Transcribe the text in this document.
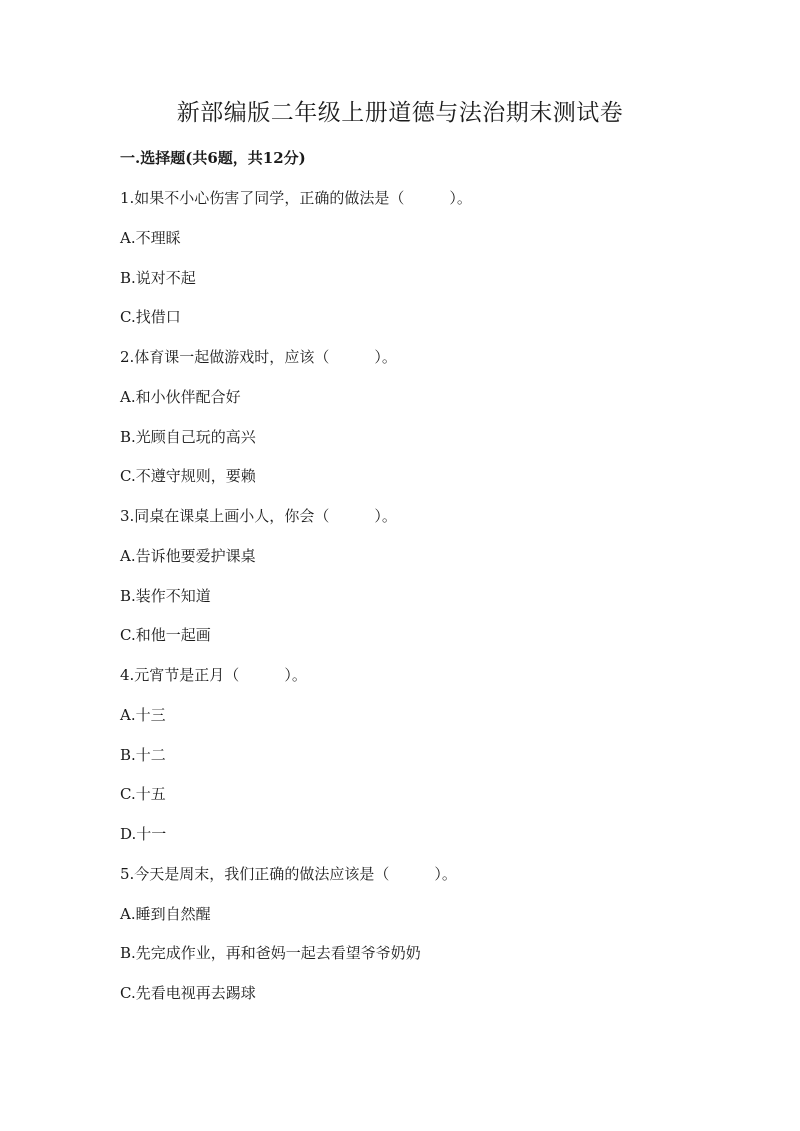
新部编版二年级上册道德与法治期末测试卷
一.选择题(共6题，共12分)
1.如果不小心伤害了同学，正确的做法是（　　　）。
A.不理睬
B.说对不起
C.找借口
2.体育课一起做游戏时，应该（　　　）。
A.和小伙伴配合好
B.光顾自己玩的高兴
C.不遵守规则，要赖
3.同桌在课桌上画小人，你会（　　　）。
A.告诉他要爱护课桌
B.装作不知道
C.和他一起画
4.元宵节是正月（　　　）。
A.十三
B.十二
C.十五
D.十一
5.今天是周末，我们正确的做法应该是（　　　）。
A.睡到自然醒
B.先完成作业，再和爸妈一起去看望爷爷奶奶
C.先看电视再去踢球
